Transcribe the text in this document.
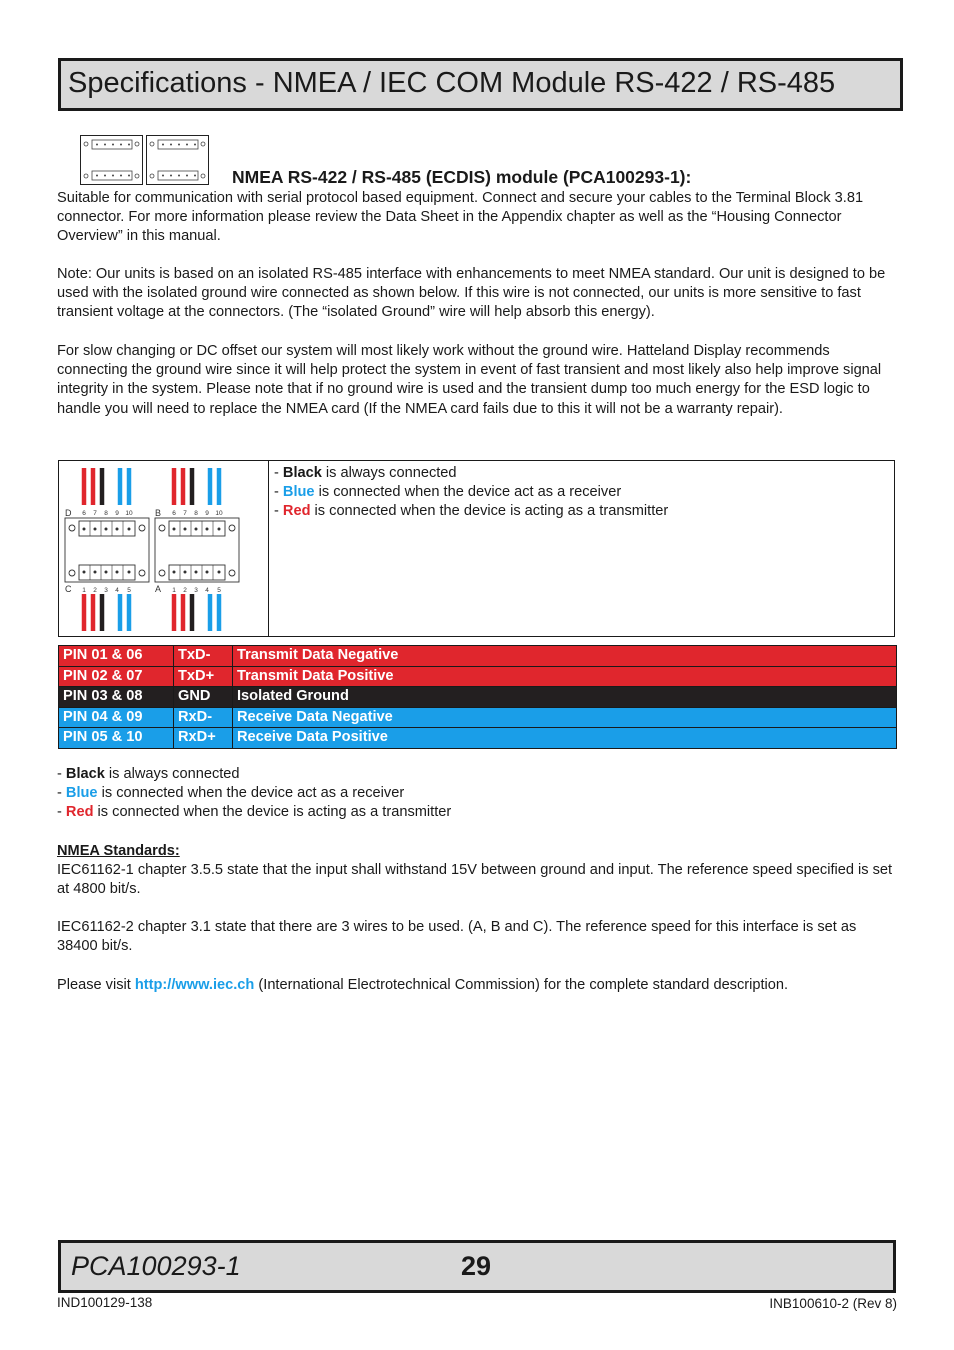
Specifications - NMEA / IEC COM Module RS-422 / RS-485
NMEA RS-422 / RS-485 (ECDIS) module (PCA100293-1):

Suitable for communication with serial protocol based equipment. Connect and secure your cables to the Terminal Block 3.81 connector. For more information please review the Data Sheet in the Appendix chapter as well as the “Housing Connector Overview” in this manual.

Note: Our units is based on an isolated RS-485 interface with enhancements to meet NMEA standard. Our unit is designed to be used with the isolated ground wire connected as shown below. If this wire is not connected, our units is more sensitive to fast transient voltage at the connectors. (The “isolated Ground” wire will help absorb this energy).

For slow changing or DC offset our system will most likely work without the ground wire. Hatteland Display recommends connecting the ground wire since it will help protect the system in event of fast transient and most likely also help improve signal integrity in the system. Please note that if no ground wire is used and the transient dump too much energy for the ESD logic to handle you will need to replace the NMEA card (If the NMEA card fails due to this it will not be a warranty repair).

D	B
C	A
6 7 8 9 10	6 7 8 9 10
1 2 3 4 5	1 2 3 4 5
- Black is always connected
- Blue is connected when the device act as a receiver
- Red is connected when the device is acting as a transmitter
PIN 01 & 06	TxD-	Transmit Data Negative
PIN 02 & 07	TxD+	Transmit Data Positive
PIN 03 & 08	GND	Isolated Ground
PIN 04 & 09	RxD-	Receive Data Negative
PIN 05 & 10	RxD+	Receive Data Positive
- Black is always connected
- Blue is connected when the device act as a receiver
- Red is connected when the device is acting as a transmitter
NMEA Standards:

IEC61162-1 chapter 3.5.5 state that the input shall withstand 15V between ground and input. The reference speed specified is set at 4800 bit/s.

IEC61162-2 chapter 3.1 state that there are 3 wires to be used. (A, B and C). The reference speed for this interface is set as 38400 bit/s.

Please visit http://www.iec.ch (International Electrotechnical Commission) for the complete standard description.

PCA100293-1	29
IND100129-138	INB100610-2 (Rev 8)
